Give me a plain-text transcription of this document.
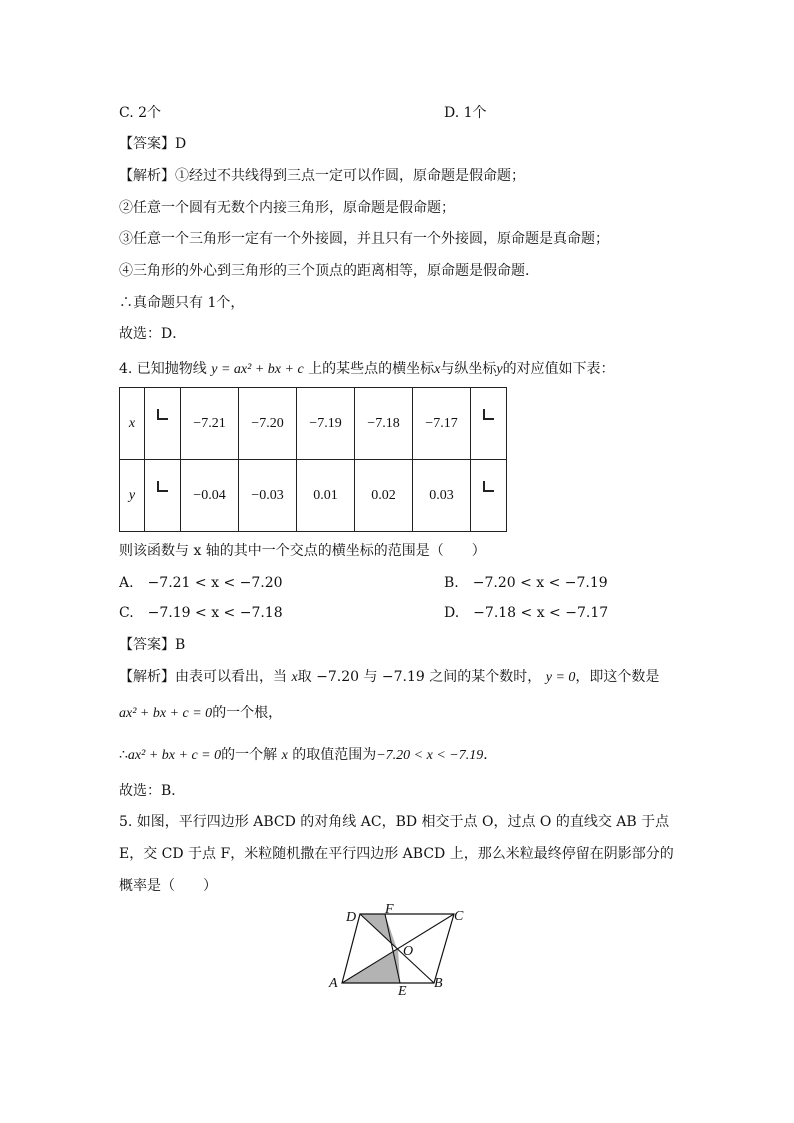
C. 2个	D. 1个
【答案】D
【解析】①经过不共线得到三点一定可以作圆，原命题是假命题；
②任意一个圆有无数个内接三角形，原命题是假命题；
③任意一个三角形一定有一个外接圆，并且只有一个外接圆，原命题是真命题；
④三角形的外心到三角形的三个顶点的距离相等，原命题是假命题.
∴真命题只有 1个，
故选：D．
4. 已知抛物线 y = ax² + bx + c 上的某些点的横坐标x与纵坐标y的对应值如下表：
x		−7.21	−7.20	−7.19	−7.18	−7.17	
y		−0.04	−0.03	0.01	0.02	0.03	
则该函数与 x 轴的其中一个交点的横坐标的范围是（　　）
A.　−7.21 < x < −7.20	B.　−7.20 < x < −7.19
C.　−7.19 < x < −7.18	D.　−7.18 < x < −7.17
【答案】B
【解析】由表可以看出，当 x取 −7.20 与 −7.19 之间的某个数时， y = 0，即这个数是
ax² + bx + c = 0的一个根，
∴ax² + bx + c = 0的一个解 x 的取值范围为−7.20 < x < −7.19．
故选：B．
5. 如图，平行四边形 ABCD 的对角线 AC，BD 相交于点 O，过点 O 的直线交 AB 于点
E，交 CD 于点 F，米粒随机撒在平行四边形 ABCD 上，那么米粒最终停留在阴影部分的
概率是（　　）
D
F	C
O
A
E
B
